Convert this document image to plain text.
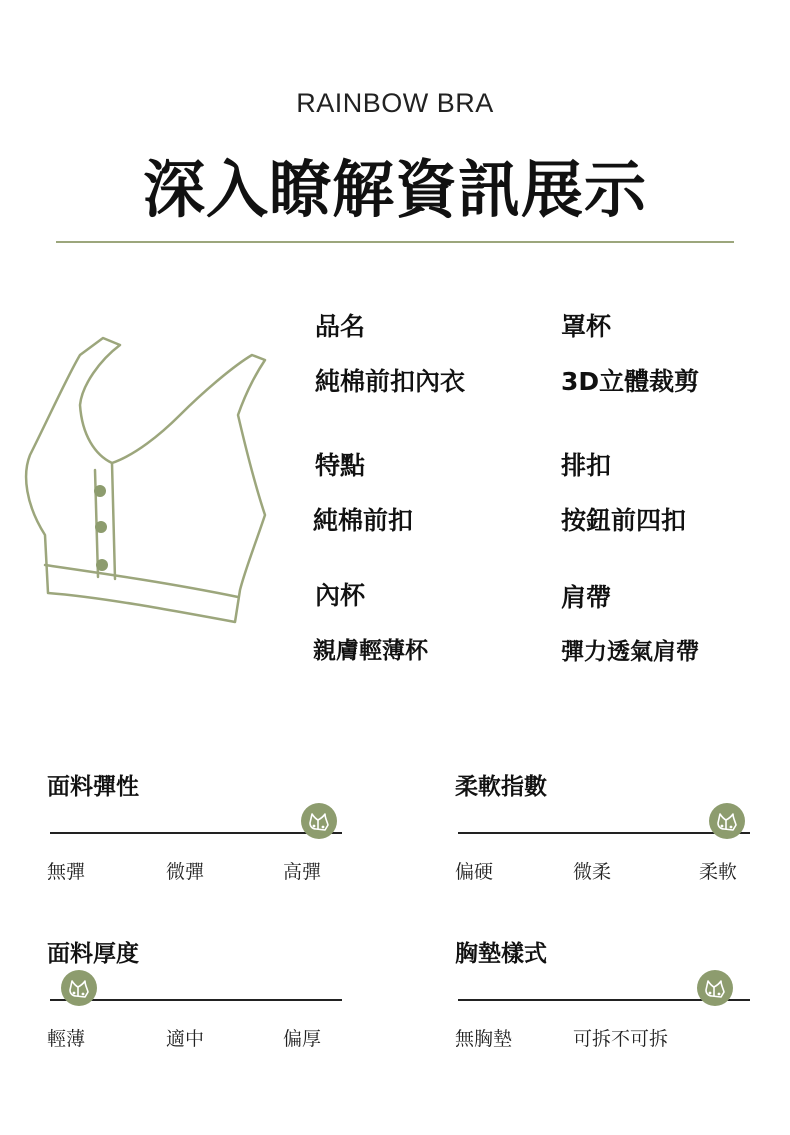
RAINBOW BRA
深入瞭解資訊展示
品名
純棉前扣內衣
罩杯
3D立體裁剪
特點
純棉前扣
排扣
按鈕前四扣
內杯
親膚輕薄杯
肩帶
彈力透氣肩帶
面料彈性
無彈	微彈	高彈
柔軟指數
偏硬	微柔	柔軟
面料厚度
輕薄	適中	偏厚
胸墊樣式
無胸墊	可拆不可拆
